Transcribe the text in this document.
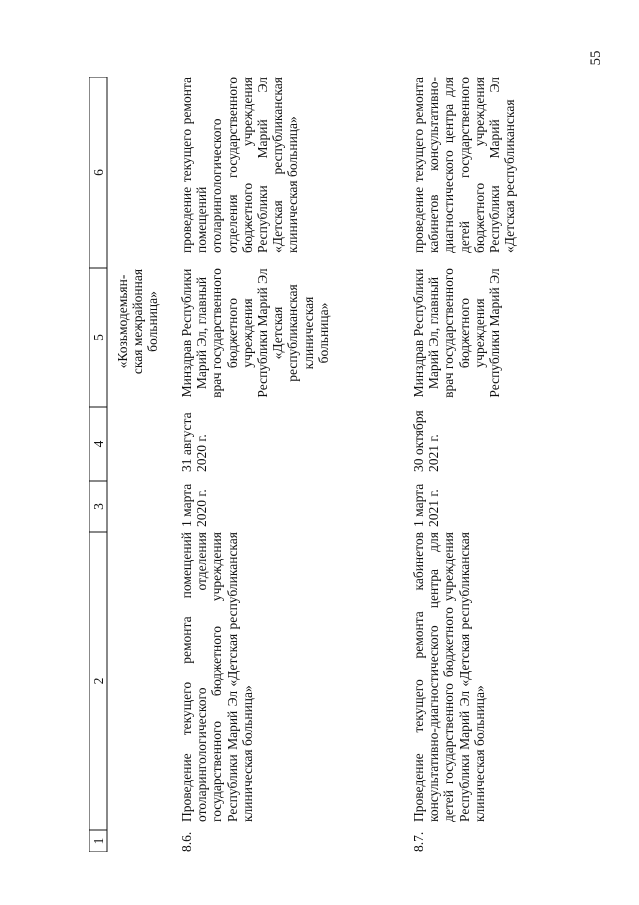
55
1
2
3
4
5
6
«Козьмодемьян-ская межрайонная больница»
8.6.
Проведение текущего ремонта помещений отоларингологического отделения государственного бюджетного учреждения Республики Марий Эл «Детская республиканская клиническая больница»
1 марта 2020 г.
31 августа 2020 г.
Минздрав Республики Марий Эл, главный врач государственного бюджетного учреждения Республики Марий Эл «Детская республиканская клиническая больница»
проведение текущего ремонта помещений отоларингологического отделения государственного бюджетного учреждения Республики Марий Эл «Детская республиканская клиническая больница»
8.7.
Проведение текущего ремонта кабинетов консультативно-диагностического центра для детей государственного бюджетного учреждения Республики Марий Эл «Детская республиканская клиническая больница»
1 марта 2021 г.
30 октября 2021 г.
Минздрав Республики Марий Эл, главный врач государственного бюджетного учреждения Республики Марий Эл
проведение текущего ремонта кабинетов консультативно-диагностического центра для детей государственного бюджетного учреждения Республики Марий Эл «Детская республиканская
